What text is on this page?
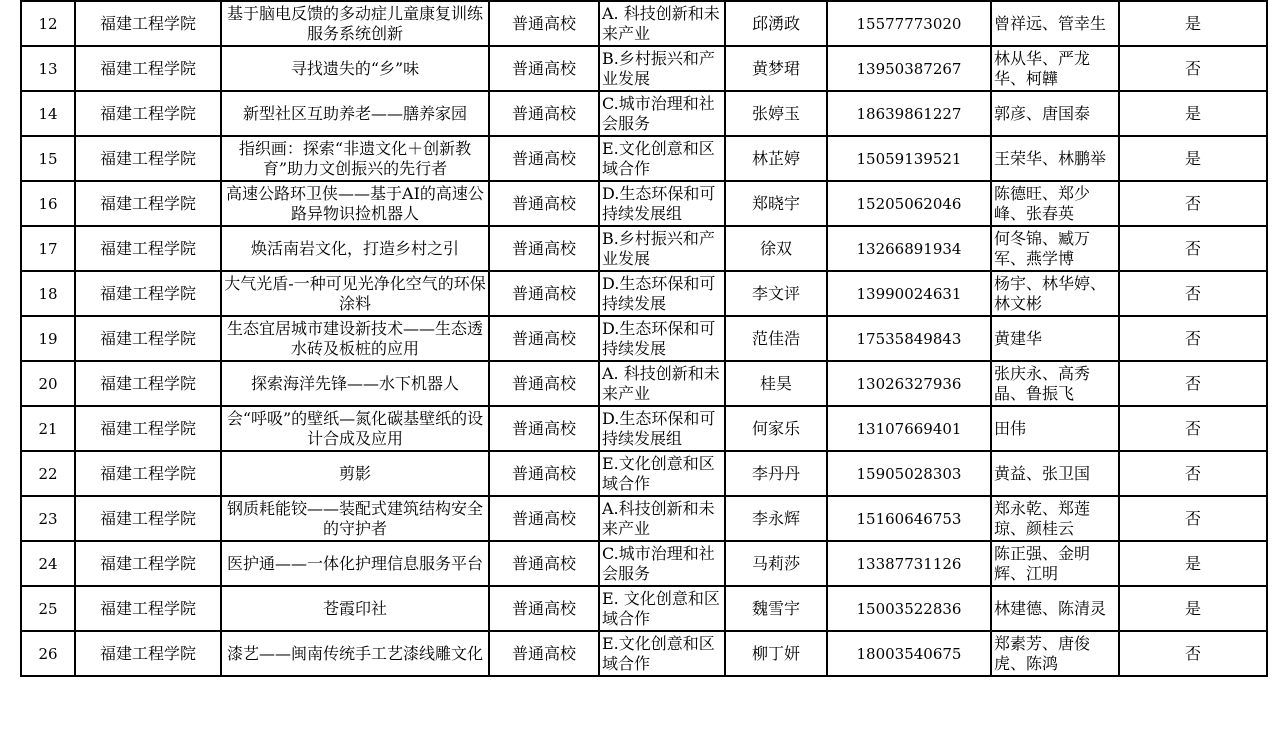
12	福建工程学院	基于脑电反馈的多动症儿童康复训练服务系统创新	普通高校	A. 科技创新和未来产业	邱湧政	15577773020	曾祥远、管幸生	是
13	福建工程学院	寻找遗失的“乡”味	普通高校	B.乡村振兴和产业发展	黄梦珺	13950387267	林从华、严龙华、柯韡	否
14	福建工程学院	新型社区互助养老——膳养家园	普通高校	C.城市治理和社会服务	张婷玉	18639861227	郭彦、唐国泰	是
15	福建工程学院	指织画：探索“非遗文化＋创新教育”助力文创振兴的先行者	普通高校	E.文化创意和区域合作	林芷婷	15059139521	王荣华、林鹏举	是
16	福建工程学院	高速公路环卫侠——基于AI的高速公路异物识捡机器人	普通高校	D.生态环保和可持续发展组	郑晓宇	15205062046	陈德旺、郑少峰、张春英	否
17	福建工程学院	焕活南岩文化，打造乡村之引	普通高校	B.乡村振兴和产业发展	徐双	13266891934	何冬锦、臧万军、燕学博	否
18	福建工程学院	大气光盾-一种可见光净化空气的环保涂料	普通高校	D.生态环保和可持续发展	李文评	13990024631	杨宇、林华婷、林文彬	否
19	福建工程学院	生态宜居城市建设新技术——生态透水砖及板桩的应用	普通高校	D.生态环保和可持续发展	范佳浩	17535849843	黄建华	否
20	福建工程学院	探索海洋先锋——水下机器人	普通高校	A. 科技创新和未来产业	桂昊	13026327936	张庆永、高秀晶、鲁振飞	否
21	福建工程学院	会“呼吸”的壁纸—氮化碳基壁纸的设计合成及应用	普通高校	D.生态环保和可持续发展组	何家乐	13107669401	田伟	否
22	福建工程学院	剪影	普通高校	E.文化创意和区域合作	李丹丹	15905028303	黄益、张卫国	否
23	福建工程学院	钢质耗能铰——装配式建筑结构安全的守护者	普通高校	A.科技创新和未来产业	李永辉	15160646753	郑永乾、郑莲琼、颜桂云	否
24	福建工程学院	医护通——一体化护理信息服务平台	普通高校	C.城市治理和社会服务	马莉莎	13387731126	陈正强、金明辉、江明	是
25	福建工程学院	苍霞印社	普通高校	E. 文化创意和区域合作	魏雪宇	15003522836	林建德、陈清灵	是
26	福建工程学院	漆艺——闽南传统手工艺漆线雕文化	普通高校	E.文化创意和区域合作	柳丁妍	18003540675	郑素芳、唐俊虎、陈鸿	否
